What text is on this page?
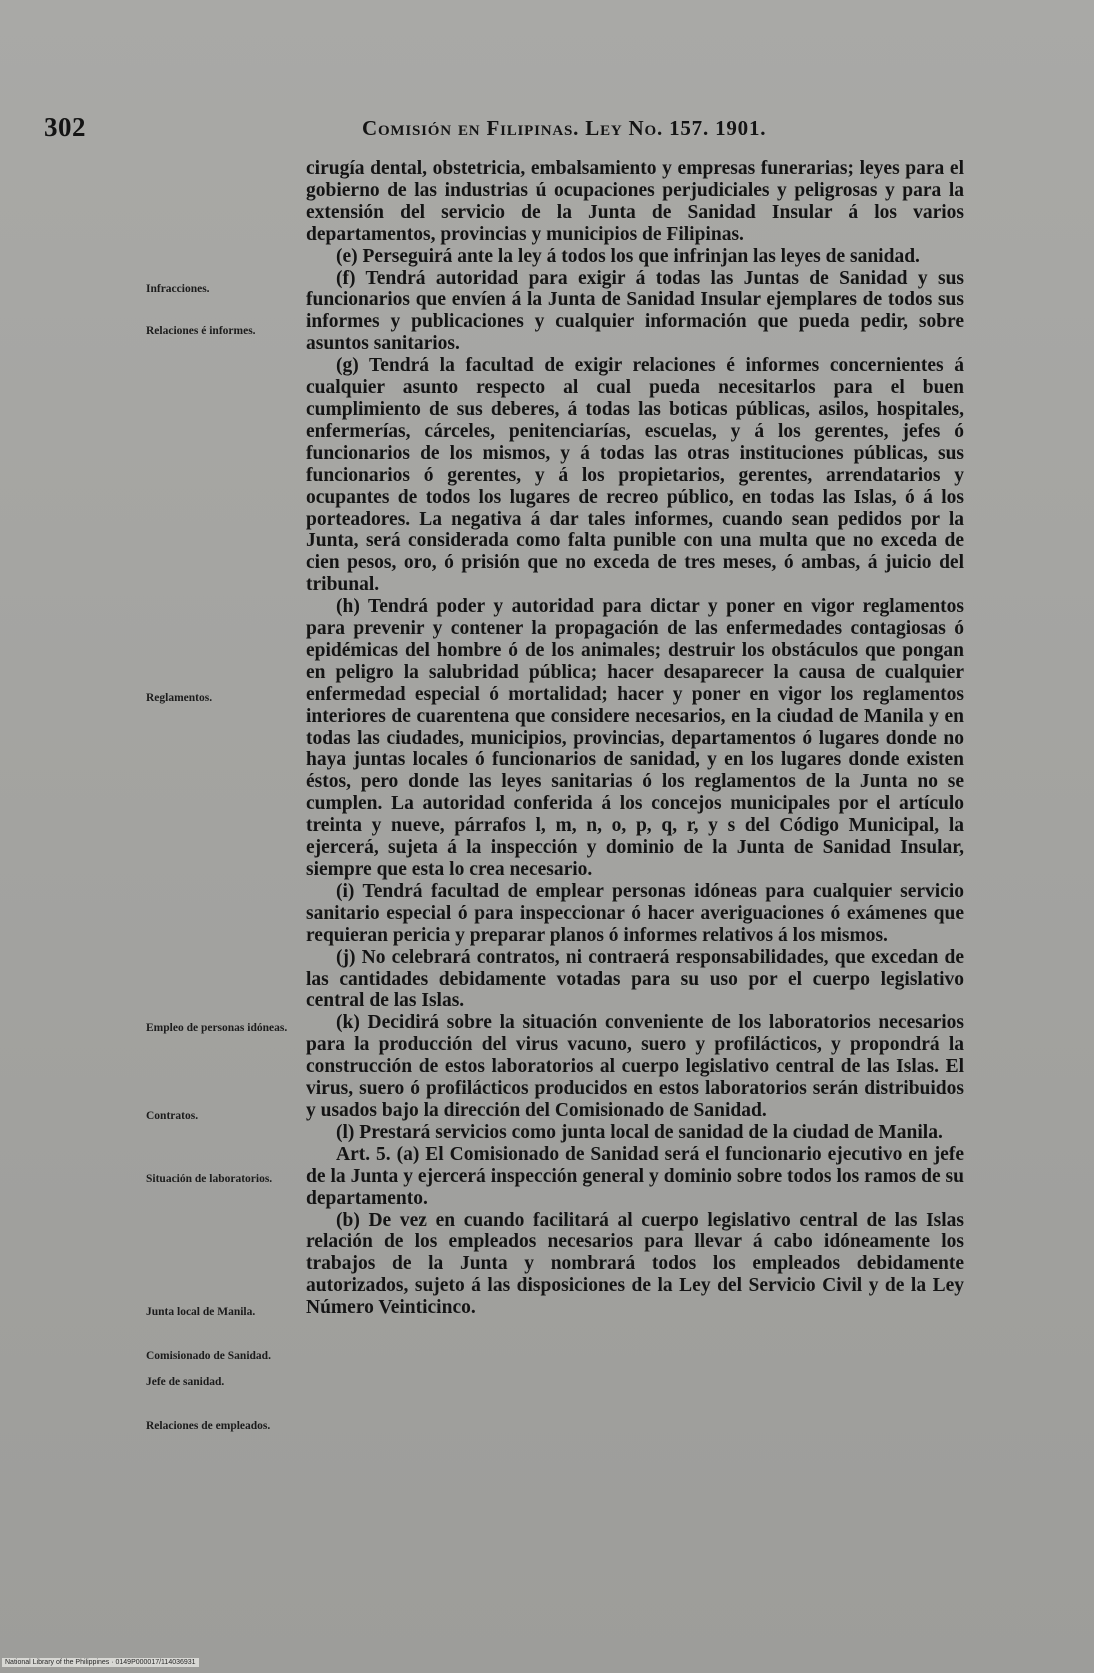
302	Comisión en Filipinas. Ley No. 157. 1901.
Infracciones.
Relaciones é informes.
Reglamentos.
Empleo de personas idóneas.
Contratos.
Situación de laboratorios.
Junta local de Manila.
Comisionado de Sanidad.
Jefe de sanidad.
Relaciones de empleados.

cirugía dental, obstetricia, embalsamiento y empresas funerarias; leyes para el gobierno de las industrias ú ocupaciones perjudiciales y peligrosas y para la extensión del servicio de la Junta de Sanidad Insular á los varios departamentos, provincias y municipios de Filipinas.

(e) Perseguirá ante la ley á todos los que infrinjan las leyes de sanidad.

(f) Tendrá autoridad para exigir á todas las Juntas de Sanidad y sus funcionarios que envíen á la Junta de Sanidad Insular ejemplares de todos sus informes y publicaciones y cualquier información que pueda pedir, sobre asuntos sanitarios.

(g) Tendrá la facultad de exigir relaciones é informes concernientes á cualquier asunto respecto al cual pueda necesitarlos para el buen cumplimiento de sus deberes, á todas las boticas públicas, asilos, hospitales, enfermerías, cárceles, penitenciarías, escuelas, y á los gerentes, jefes ó funcionarios de los mismos, y á todas las otras instituciones públicas, sus funcionarios ó gerentes, y á los propietarios, gerentes, arrendatarios y ocupantes de todos los lugares de recreo público, en todas las Islas, ó á los porteadores. La negativa á dar tales informes, cuando sean pedidos por la Junta, será considerada como falta punible con una multa que no exceda de cien pesos, oro, ó prisión que no exceda de tres meses, ó ambas, á juicio del tribunal.

(h) Tendrá poder y autoridad para dictar y poner en vigor reglamentos para prevenir y contener la propagación de las enfermedades contagiosas ó epidémicas del hombre ó de los animales; destruir los obstáculos que pongan en peligro la salubridad pública; hacer desaparecer la causa de cualquier enfermedad especial ó mortalidad; hacer y poner en vigor los reglamentos interiores de cuarentena que considere necesarios, en la ciudad de Manila y en todas las ciudades, municipios, provincias, departamentos ó lugares donde no haya juntas locales ó funcionarios de sanidad, y en los lugares donde existen éstos, pero donde las leyes sanitarias ó los reglamentos de la Junta no se cumplen. La autoridad conferida á los concejos municipales por el artículo treinta y nueve, párrafos l, m, n, o, p, q, r, y s del Código Municipal, la ejercerá, sujeta á la inspección y dominio de la Junta de Sanidad Insular, siempre que esta lo crea necesario.

(i) Tendrá facultad de emplear personas idóneas para cualquier servicio sanitario especial ó para inspeccionar ó hacer averiguaciones ó exámenes que requieran pericia y preparar planos ó informes relativos á los mismos.

(j) No celebrará contratos, ni contraerá responsabilidades, que excedan de las cantidades debidamente votadas para su uso por el cuerpo legislativo central de las Islas.

(k) Decidirá sobre la situación conveniente de los laboratorios necesarios para la producción del virus vacuno, suero y profilácticos, y propondrá la construcción de estos laboratorios al cuerpo legislativo central de las Islas. El virus, suero ó profilácticos producidos en estos laboratorios serán distribuidos y usados bajo la dirección del Comisionado de Sanidad.

(l) Prestará servicios como junta local de sanidad de la ciudad de Manila.

Art. 5. (a) El Comisionado de Sanidad será el funcionario ejecutivo en jefe de la Junta y ejercerá inspección general y dominio sobre todos los ramos de su departamento.

(b) De vez en cuando facilitará al cuerpo legislativo central de las Islas relación de los empleados necesarios para llevar á cabo idóneamente los trabajos de la Junta y nombrará todos los empleados debidamente autorizados, sujeto á las disposiciones de la Ley del Servicio Civil y de la Ley Número Veinticinco.

National Library of the Philippines · 0149P000017/114036931
